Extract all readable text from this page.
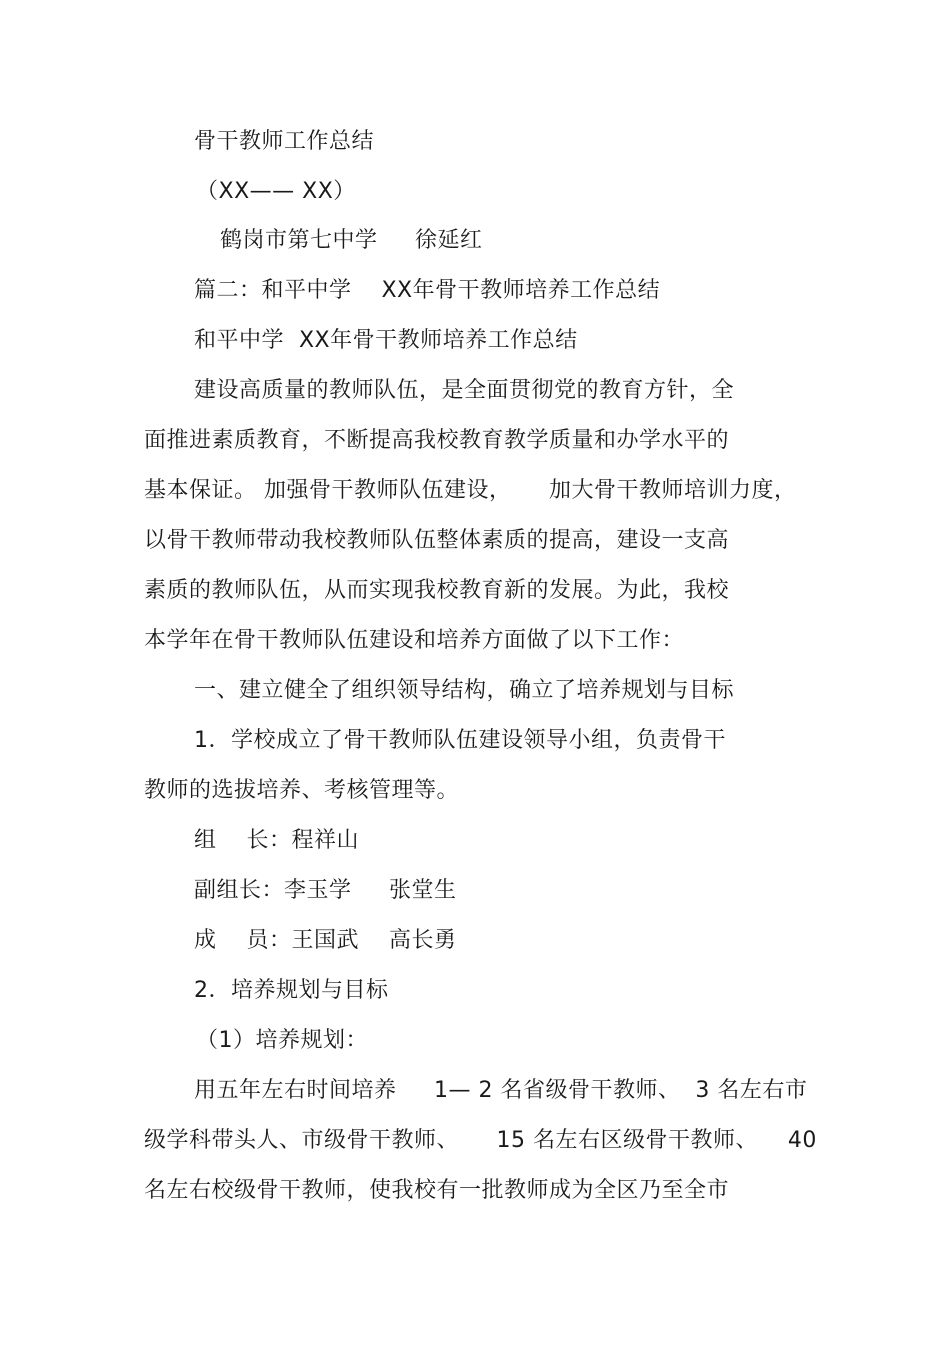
骨干教师工作总结
（XX—— XX）
鹤岗市第七中学     徐延红
篇二：和平中学    XX年骨干教师培养工作总结
和平中学  XX年骨干教师培养工作总结
建设高质量的教师队伍，是全面贯彻党的教育方针，全
面推进素质教育，不断提高我校教育教学质量和办学水平的
基本保证。 加强骨干教师队伍建设，     加大骨干教师培训力度，
以骨干教师带动我校教师队伍整体素质的提高，建设一支高
素质的教师队伍，从而实现我校教育新的发展。为此，我校
本学年在骨干教师队伍建设和培养方面做了以下工作：
一、建立健全了组织领导结构，确立了培养规划与目标
1．学校成立了骨干教师队伍建设领导小组，负责骨干
教师的选拔培养、考核管理等。
组    长：程祥山
副组长：李玉学     张堂生
成    员：王国武    高长勇
2．培养规划与目标
（1）培养规划：
用五年左右时间培养     1— 2 名省级骨干教师、  3 名左右市
级学科带头人、市级骨干教师、     15 名左右区级骨干教师、    40
名左右校级骨干教师，使我校有一批教师成为全区乃至全市
